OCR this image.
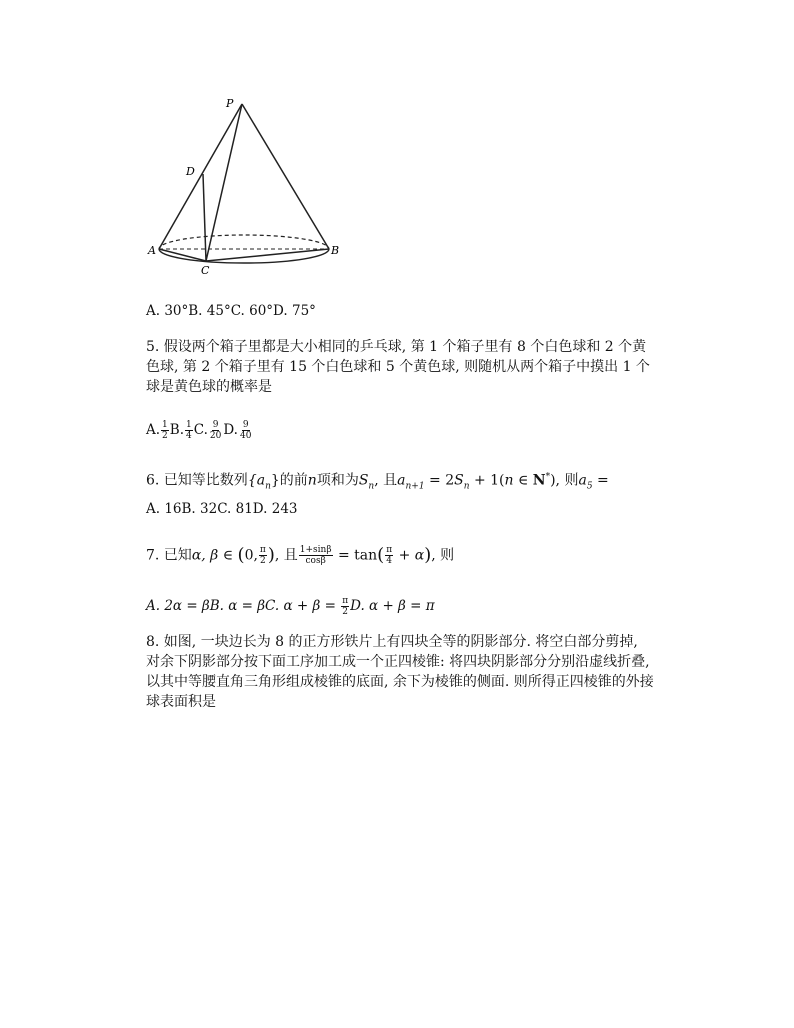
P
D
A	B
C
A. 30°B. 45°C. 60°D. 75°
5. 假设两个箱子里都是大小相同的乒乓球, 第 1 个箱子里有 8 个白色球和 2 个黄色球, 第 2 个箱子里有 15 个白色球和 5 个黄色球, 则随机从两个箱子中摸出 1 个球是黄色球的概率是
A. $\frac{1}{2} B$. $\frac{1}{4} C$. $\frac{9}{20} D$. $\frac{9}{40}$
6. 已知等比数列$\{a_n\}$的前n项和为$S_n$, 且$a_{n+1} = 2S_n + 1(n$ ∈ N*), 则$a_5$ =
A. 16B. 32C. 81D. 243
7. 已知α, β ∈ (0, $\frac{\pi}{2}$ ), 且 $\frac{1+\sin\beta}{\cos\beta} = \tan( \frac{\pi}{4} + \alpha)$, 则
A. 2α = βB. α = βC. $\alpha + \beta = \frac{\pi}{2} D$. α + β = π
8. 如图, 一块边长为 8 的正方形铁片上有四块全等的阴影部分. 将空白部分剪掉, 对余下阴影部分按下面工序加工成一个正四棱锥: 将四块阴影部分分别沿虚线折叠, 以其中等腰直角三角形组成棱锥的底面, 余下为棱锥的侧面. 则所得正四棱锥的外接球表面积是
